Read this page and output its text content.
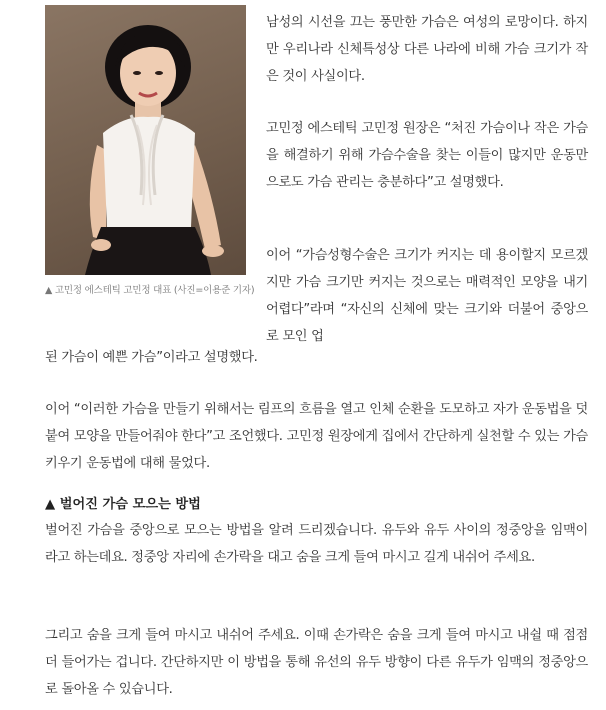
▲ 고민정 에스테틱 고민정 대표 (사진=이용준 기자)

남성의 시선을 끄는 풍만한 가슴은 여성의 로망이다. 하지만 우리나라 신체특성상 다른 나라에 비해 가슴 크기가 작은 것이 사실이다.

고민정 에스테틱 고민정 원장은 “처진 가슴이나 작은 가슴을 해결하기 위해 가슴수술을 찾는 이들이 많지만 운동만으로도 가슴 관리는 충분하다”고 설명했다.

이어 “가슴성형수술은 크기가 커지는 데 용이할지 모르겠지만 가슴 크기만 커지는 것으로는 매력적인 모양을 내기 어렵다”라며 “자신의 신체에 맞는 크기와 더불어 중앙으로 모인 업

된 가슴이 예쁜 가슴”이라고 설명했다.

이어 “이러한 가슴을 만들기 위해서는 림프의 흐름을 열고 인체 순환을 도모하고 자가 운동법을 덧붙여 모양을 만들어줘야 한다”고 조언했다. 고민정 원장에게 집에서 간단하게 실천할 수 있는 가슴 키우기 운동법에 대해 물었다.

▲ 벌어진 가슴 모으는 방법

벌어진 가슴을 중앙으로 모으는 방법을 알려 드리겠습니다. 유두와 유두 사이의 정중앙을 임맥이라고 하는데요. 정중앙 자리에 손가락을 대고 숨을 크게 들여 마시고 길게 내쉬어 주세요.

그리고 숨을 크게 들여 마시고 내쉬어 주세요. 이때 손가락은 숨을 크게 들여 마시고 내쉴 때 점점 더 들어가는 겁니다. 간단하지만 이 방법을 통해 유선의 유두 방향이 다른 유두가 임맥의 정중앙으로 돌아올 수 있습니다.
